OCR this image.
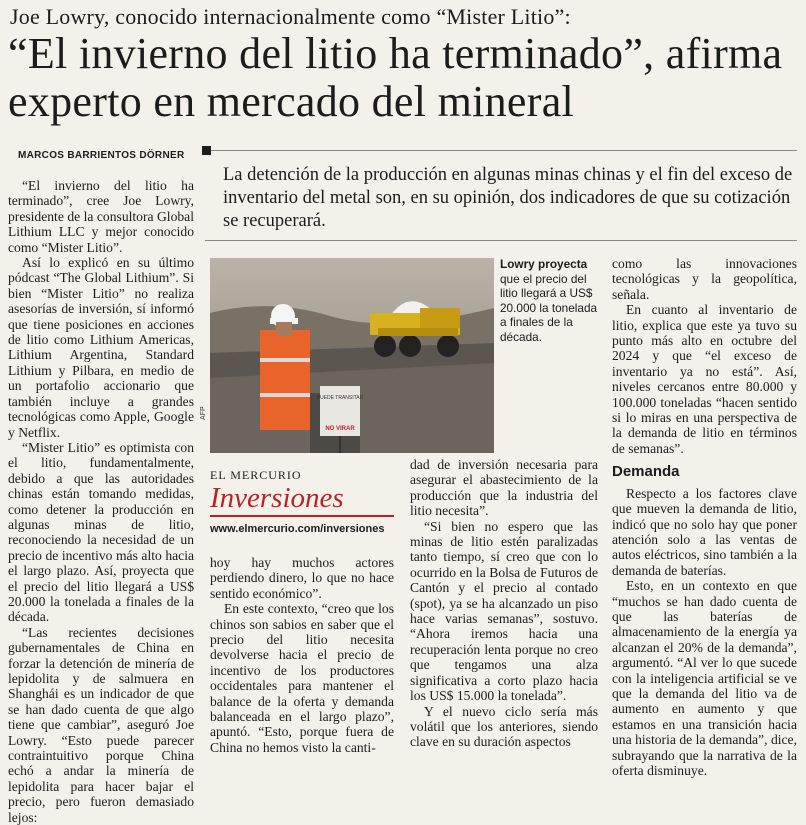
Joe Lowry, conocido internacionalmente como “Mister Litio”:
“El invierno del litio ha terminado”, afirma experto en mercado del mineral
MARCOS BARRIENTOS DÖRNER
La detención de la producción en algunas minas chinas y el fin del exceso de inventario del metal son, en su opinión, dos indicadores de que su cotización se recuperará.

“El invierno del litio ha terminado”, cree Joe Lowry, presidente de la consultora Global Lithium LLC y mejor conocido como “Mister Litio”.

Así lo explicó en su último pódcast “The Global Lithium”. Si bien “Mister Litio” no realiza asesorías de inversión, sí informó que tiene posiciones en acciones de litio como Lithium Americas, Lithium Argentina, Standard Lithium y Pilbara, en medio de un portafolio accionario que también incluye a grandes tecnológicas como Apple, Google y Netflix.

“Mister Litio” es optimista con el litio, fundamentalmente, debido a que las autoridades chinas están tomando medidas, como detener la producción en algunas minas de litio, reconociendo la necesidad de un precio de incentivo más alto hacia el largo plazo. Así, proyecta que el precio del litio llegará a US$ 20.000 la tonelada a finales de la década.

“Las recientes decisiones gubernamentales de China en forzar la detención de minería de lepidolita y de salmuera en Shanghái es un indicador de que se han dado cuenta de que algo tiene que cambiar”, aseguró Joe Lowry. “Esto puede parecer contraintuitivo porque China echó a andar la minería de lepidolita para hacer bajar el precio, pero fueron demasiado lejos:

PUEDE TRANSITAR
NO VIRAR
AFP
Lowry proyecta que el precio del litio llegará a US$ 20.000 la tonelada a finales de la década.
EL MERCURIO
Inversiones
www.elmercurio.com/inversiones

hoy hay muchos actores perdiendo dinero, lo que no hace sentido económico”.

En este contexto, “creo que los chinos son sabios en saber que el precio del litio necesita devolverse hacia el precio de incentivo de los productores occidentales para mantener el balance de la oferta y demanda balanceada en el largo plazo”, apuntó. “Esto, porque fuera de China no hemos visto la canti-

dad de inversión necesaria para asegurar el abastecimiento de la producción que la industria del litio necesita”.

“Si bien no espero que las minas de litio estén paralizadas tanto tiempo, sí creo que con lo ocurrido en la Bolsa de Futuros de Cantón y el precio al contado (spot), ya se ha alcanzado un piso hace varias semanas”, sostuvo. “Ahora iremos hacia una recuperación lenta porque no creo que tengamos una alza significativa a corto plazo hacia los US$ 15.000 la tonelada”.

Y el nuevo ciclo sería más volátil que los anteriores, siendo clave en su duración aspectos

como las innovaciones tecnológicas y la geopolítica, señala.

En cuanto al inventario de litio, explica que este ya tuvo su punto más alto en octubre del 2024 y que “el exceso de inventario ya no está”. Así, niveles cercanos entre 80.000 y 100.000 toneladas “hacen sentido si lo miras en una perspectiva de la demanda de litio en términos de semanas”.

Demanda

Respecto a los factores clave que mueven la demanda de litio, indicó que no solo hay que poner atención solo a las ventas de autos eléctricos, sino también a la demanda de baterías.

Esto, en un contexto en que “muchos se han dado cuenta de que las baterías de almacenamiento de la energía ya alcanzan el 20% de la demanda”, argumentó. “Al ver lo que sucede con la inteligencia artificial se ve que la demanda del litio va de aumento en aumento y que estamos en una transición hacia una historia de la demanda”, dice, subrayando que la narrativa de la oferta disminuye.
